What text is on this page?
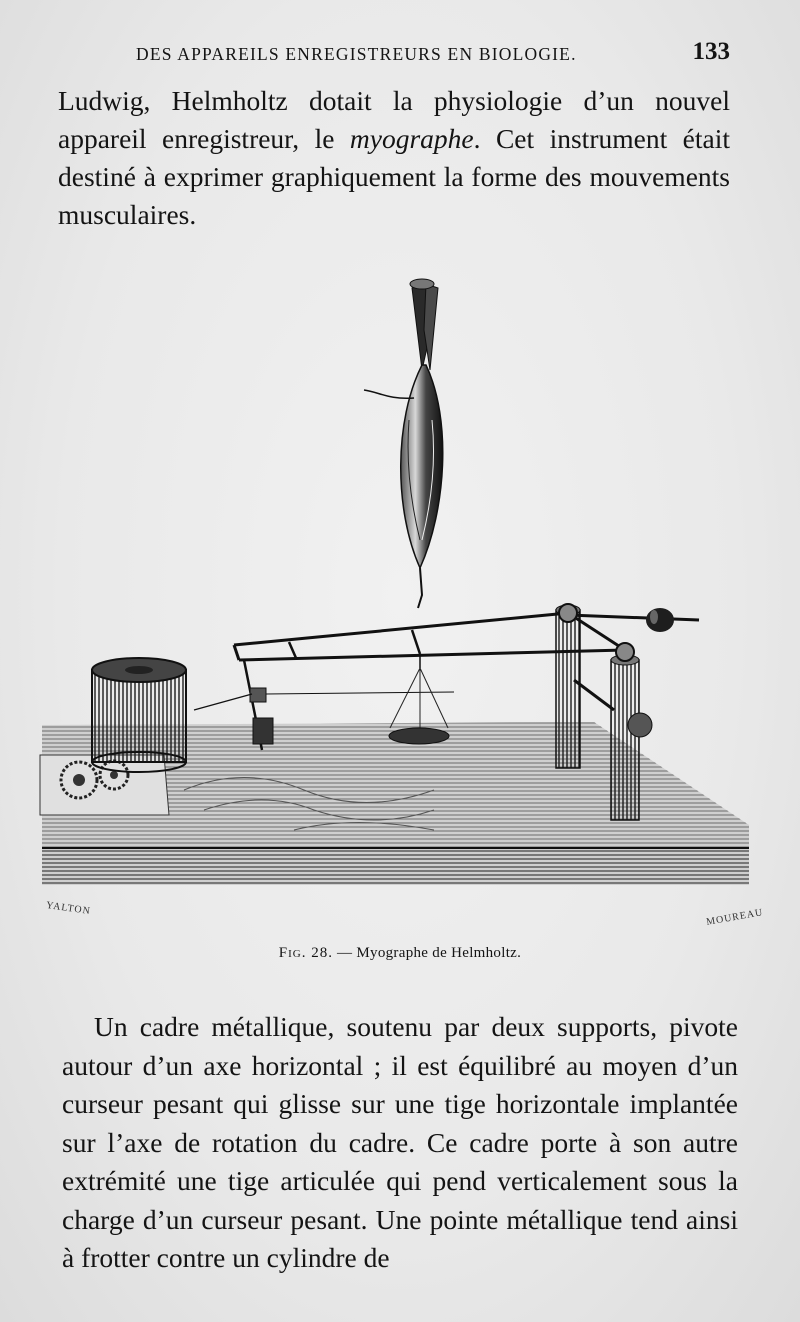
DES APPAREILS ENREGISTREURS EN BIOLOGIE.	133

Ludwig, Helmholtz dotait la physiologie d’un nouvel appareil enregistreur, le myographe. Cet instrument était destiné à exprimer graphiquement la forme des mouvements musculaires.

YALTON	MOUREAU
Fig. 28. — Myographe de Helmholtz.

Un cadre métallique, soutenu par deux supports, pivote autour d’un axe horizontal ; il est équilibré au moyen d’un curseur pesant qui glisse sur une tige horizontale implantée sur l’axe de rotation du cadre. Ce cadre porte à son autre extrémité une tige articulée qui pend verticalement sous la charge d’un curseur pesant. Une pointe métallique tend ainsi à frotter contre un cylindre de
